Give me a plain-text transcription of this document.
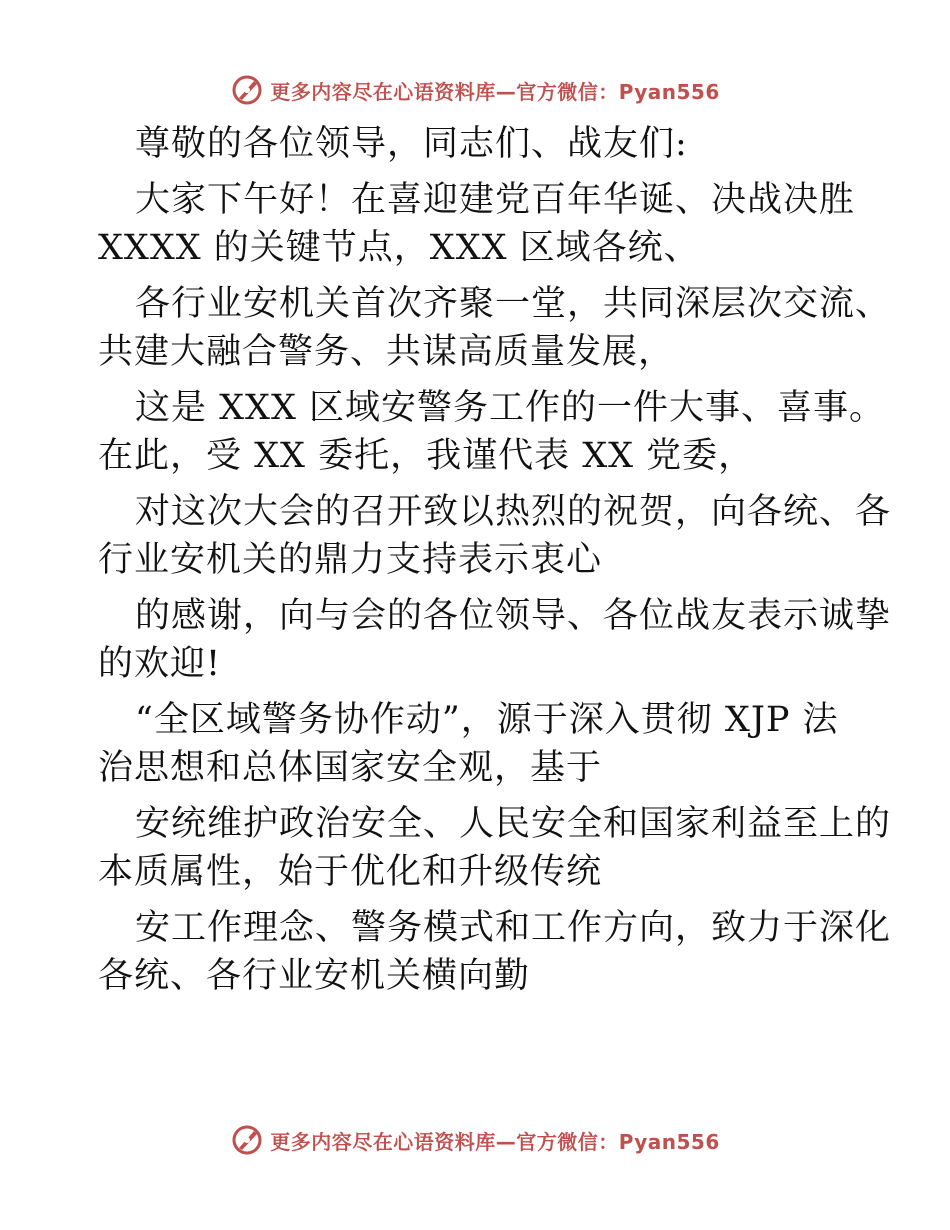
更多内容尽在心语资料库—官方微信：Pyan556
尊敬的各位领导，同志们、战友们:
大家下午好！在喜迎建党百年华诞、决战决胜
XXXX 的关键节点，XXX 区域各统、
各行业安机关首次齐聚一堂，共同深层次交流、
共建大融合警务、共谋高质量发展，
这是 XXX 区域安警务工作的一件大事、喜事。
在此，受 XX 委托，我谨代表 XX 党委，
对这次大会的召开致以热烈的祝贺，向各统、各
行业安机关的鼎力支持表示衷心
的感谢，向与会的各位领导、各位战友表示诚挚
的欢迎!
“全区域警务协作动”，源于深入贯彻 XJP 法
治思想和总体国家安全观，基于
安统维护政治安全、人民安全和国家利益至上的
本质属性，始于优化和升级传统
安工作理念、警务模式和工作方向，致力于深化
各统、各行业安机关横向勤
更多内容尽在心语资料库—官方微信：Pyan556
